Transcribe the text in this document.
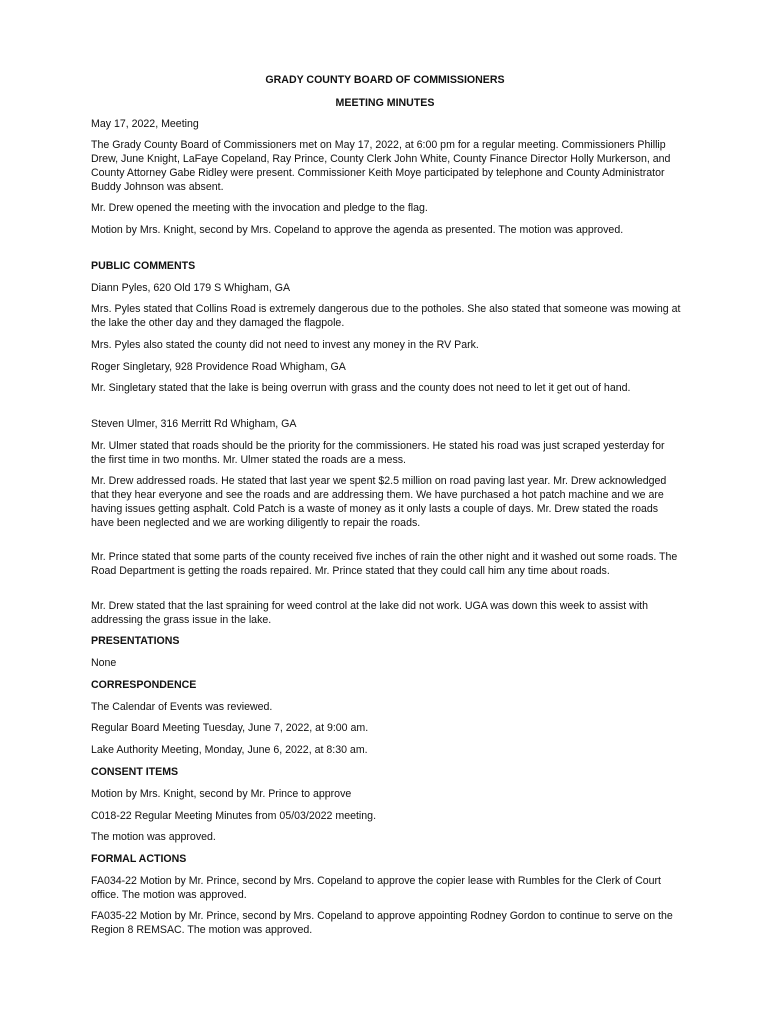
GRADY COUNTY BOARD OF COMMISSIONERS
MEETING MINUTES

May 17, 2022, Meeting

The Grady County Board of Commissioners met on May 17, 2022, at 6:00 pm for a regular meeting. Commissioners Phillip Drew, June Knight, LaFaye Copeland, Ray Prince, County Clerk John White, County Finance Director Holly Murkerson, and County Attorney Gabe Ridley were present. Commissioner Keith Moye participated by telephone and County Administrator Buddy Johnson was absent.

Mr. Drew opened the meeting with the invocation and pledge to the flag.

Motion by Mrs. Knight, second by Mrs. Copeland to approve the agenda as presented. The motion was approved.

PUBLIC COMMENTS

Diann Pyles, 620 Old 179 S Whigham, GA

Mrs. Pyles stated that Collins Road is extremely dangerous due to the potholes. She also stated that someone was mowing at the lake the other day and they damaged the flagpole.

Mrs. Pyles also stated the county did not need to invest any money in the RV Park.

Roger Singletary, 928 Providence Road Whigham, GA

Mr. Singletary stated that the lake is being overrun with grass and the county does not need to let it get out of hand.

Steven Ulmer, 316 Merritt Rd Whigham, GA

Mr. Ulmer stated that roads should be the priority for the commissioners. He stated his road was just scraped yesterday for the first time in two months. Mr. Ulmer stated the roads are a mess.

Mr. Drew addressed roads. He stated that last year we spent $2.5 million on road paving last year. Mr. Drew acknowledged that they hear everyone and see the roads and are addressing them. We have purchased a hot patch machine and we are having issues getting asphalt. Cold Patch is a waste of money as it only lasts a couple of days. Mr. Drew stated the roads have been neglected and we are working diligently to repair the roads.

Mr. Prince stated that some parts of the county received five inches of rain the other night and it washed out some roads. The Road Department is getting the roads repaired. Mr. Prince stated that they could call him any time about roads.

Mr. Drew stated that the last spraining for weed control at the lake did not work. UGA was down this week to assist with addressing the grass issue in the lake.

PRESENTATIONS

None

CORRESPONDENCE

The Calendar of Events was reviewed.

Regular Board Meeting Tuesday, June 7, 2022, at 9:00 am.

Lake Authority Meeting, Monday, June 6, 2022, at 8:30 am.

CONSENT ITEMS

Motion by Mrs. Knight, second by Mr. Prince to approve

C018-22 Regular Meeting Minutes from 05/03/2022 meeting.

The motion was approved.

FORMAL ACTIONS

FA034-22 Motion by Mr. Prince, second by Mrs. Copeland to approve the copier lease with Rumbles for the Clerk of Court office. The motion was approved.

FA035-22 Motion by Mr. Prince, second by Mrs. Copeland to approve appointing Rodney Gordon to continue to serve on the Region 8 REMSAC. The motion was approved.
